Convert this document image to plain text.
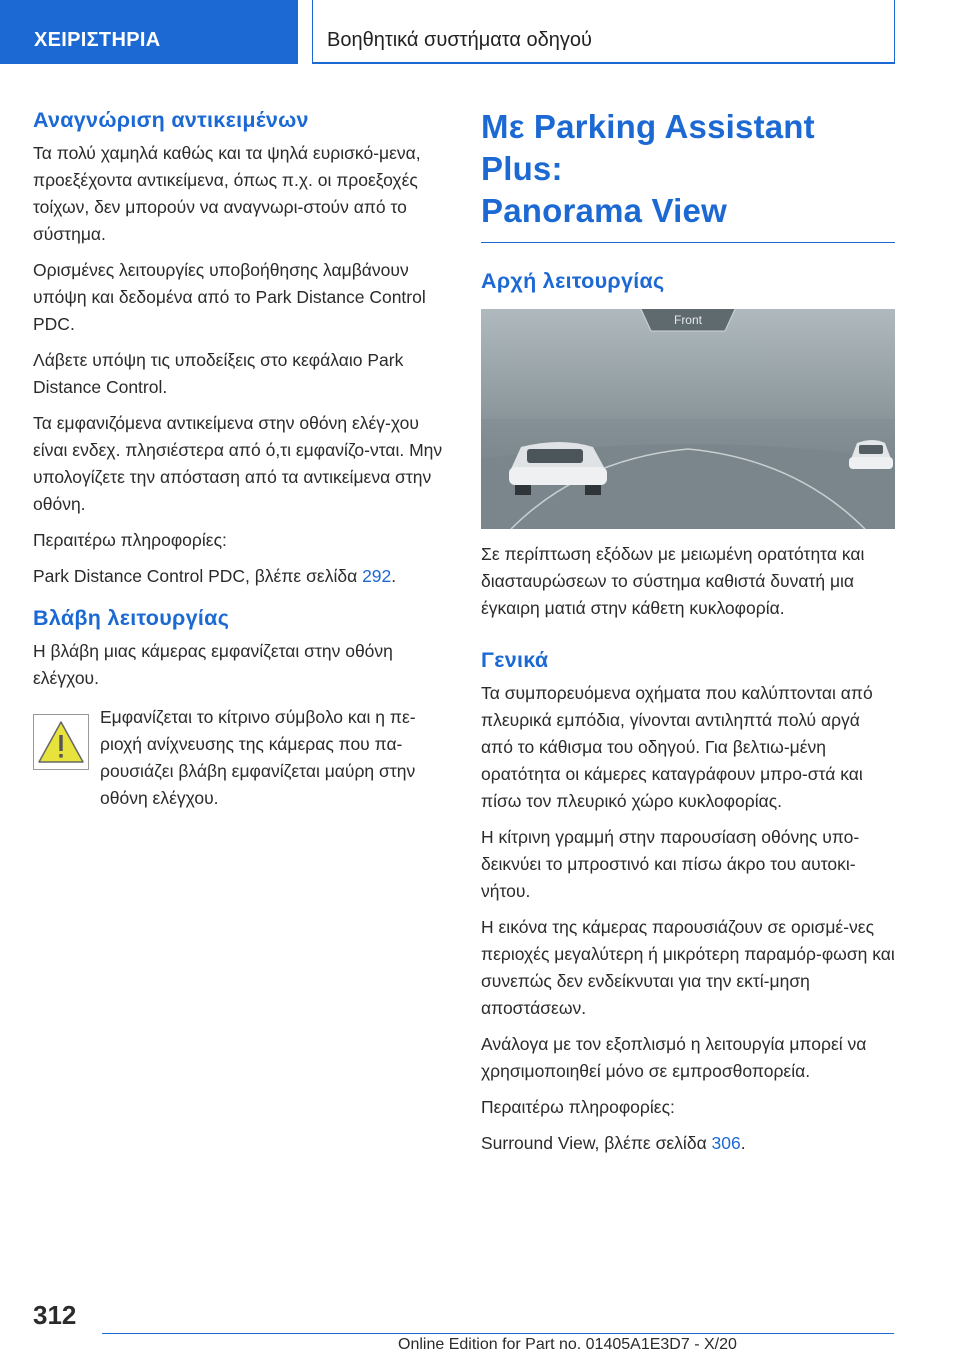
ΧΕΙΡΙΣΤΗΡΙΑ	Βοηθητικά συστήματα οδηγού
Αναγνώριση αντικειμένων

Τα πολύ χαμηλά καθώς και τα ψηλά ευρισκό-μενα, προεξέχοντα αντικείμενα, όπως π.χ. οι προεξοχές τοίχων, δεν μπορούν να αναγνωρι-στούν από το σύστημα.

Ορισμένες λειτουργίες υποβοήθησης λαμβάνουν υπόψη και δεδομένα από το Park Distance Control PDC.

Λάβετε υπόψη τις υποδείξεις στο κεφάλαιο Park Distance Control.

Τα εμφανιζόμενα αντικείμενα στην οθόνη ελέγ-χου είναι ενδεχ. πλησιέστερα από ό,τι εμφανίζο-νται. Μην υπολογίζετε την απόσταση από τα αντικείμενα στην οθόνη.

Περαιτέρω πληροφορίες:

Park Distance Control PDC, βλέπε σελίδα 292.

Βλάβη λειτουργίας

Η βλάβη μιας κάμερας εμφανίζεται στην οθόνη ελέγχου.

Εμφανίζεται το κίτρινο σύμβολο και η πε-ριοχή ανίχνευσης της κάμερας που πα-ρουσιάζει βλάβη εμφανίζεται μαύρη στην οθόνη ελέγχου.
Με Parking Assistant Plus:
Panorama View
Αρχή λειτουργίας
Front

Σε περίπτωση εξόδων με μειωμένη ορατότητα και διασταυρώσεων το σύστημα καθιστά δυνατή μια έγκαιρη ματιά στην κάθετη κυκλοφορία.

Γενικά

Τα συμπορευόμενα οχήματα που καλύπτονται από πλευρικά εμπόδια, γίνονται αντιληπτά πολύ αργά από το κάθισμα του οδηγού. Για βελτιω-μένη ορατότητα οι κάμερες καταγράφουν μπρο-στά και πίσω τον πλευρικό χώρο κυκλοφορίας.

Η κίτρινη γραμμή στην παρουσίαση οθόνης υπο-δεικνύει το μπροστινό και πίσω άκρο του αυτοκι-νήτου.

Η εικόνα της κάμερας παρουσιάζουν σε ορισμέ-νες περιοχές μεγαλύτερη ή μικρότερη παραμόρ-φωση και συνεπώς δεν ενδείκνυται για την εκτί-μηση αποστάσεων.

Ανάλογα με τον εξοπλισμό η λειτουργία μπορεί να χρησιμοποιηθεί μόνο σε εμπροσθοπορεία.

Περαιτέρω πληροφορίες:

Surround View, βλέπε σελίδα 306.

312
Online Edition for Part no. 01405A1E3D7 - X/20
